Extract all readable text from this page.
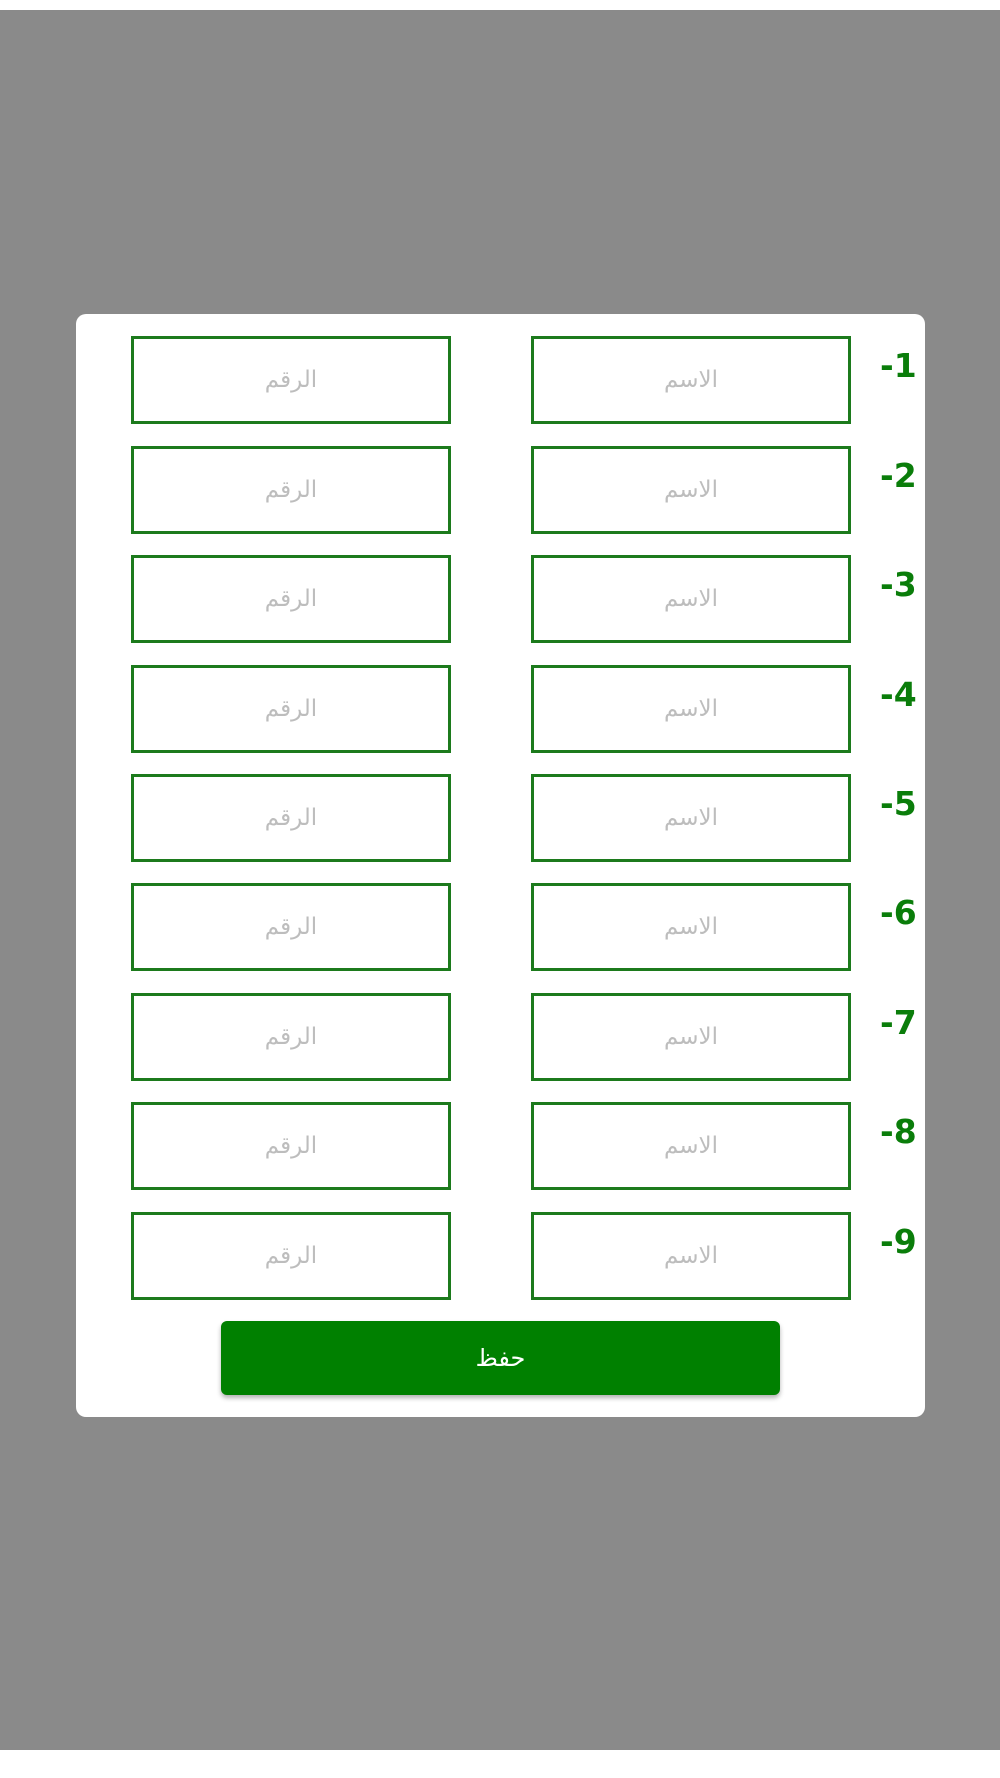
الرقم
الاسم
-1
الرقم
الاسم
-2
الرقم
الاسم
-3
الرقم
الاسم
-4
الرقم
الاسم
-5
الرقم
الاسم
-6
الرقم
الاسم
-7
الرقم
الاسم
-8
الرقم
الاسم
-9
حفظ
